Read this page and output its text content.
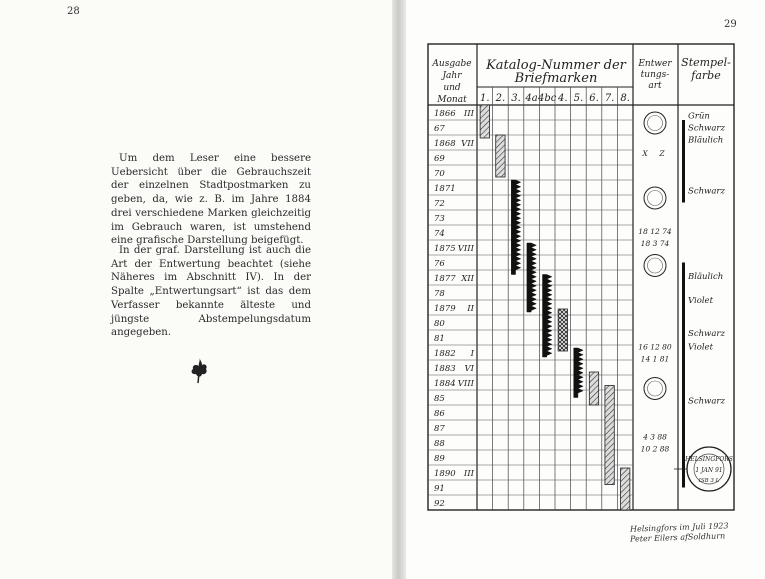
28

Um dem Leser eine bessere Uebersicht über die Gebrauchszeit der einzelnen Stadtpostmarken zu geben, da, wie z. B. im Jahre 1884 drei verschiedene Marken gleichzeitig im Gebrauch waren, ist umstehend eine grafische Darstellung beigefügt.

In der graf. Darstellung ist auch die Art der Entwertung beachtet (siehe Näheres im Abschnitt IV). In der Spalte „Entwertungsart“ ist das dem Verfasser bekannte älteste und jüngste Abstempelungsdatum angegeben.

29
Ausgabe
Jahr
und
Monat
Katalog-Nummer der
Briefmarken
Entwer
tungs-
art
Stempel-
farbe
1. 2. 3. 4a 4bc 4. 5. 6. 7. 8.
1866 III
67
1868 VII
69
70
1871
72
73
74
1875 VIII
76
1877 XII
78
1879 II
80
81
1882 I
1883 VI
1884 VIII
85
86
87
88
89
1890 III
91
92
Grün
Schwarz
Bläulich
Schwarz
Bläulich
Violet
Schwarz
Violet
Schwarz
X Z
18 12 74
18 3 74
16 12 80
14 1 81
4 3 88
10 2 88
HELSINGFORS
1 JAN 91
ISB 3 L
Helsingfors im Juli 1923
Peter Eilers afSoldhurn
